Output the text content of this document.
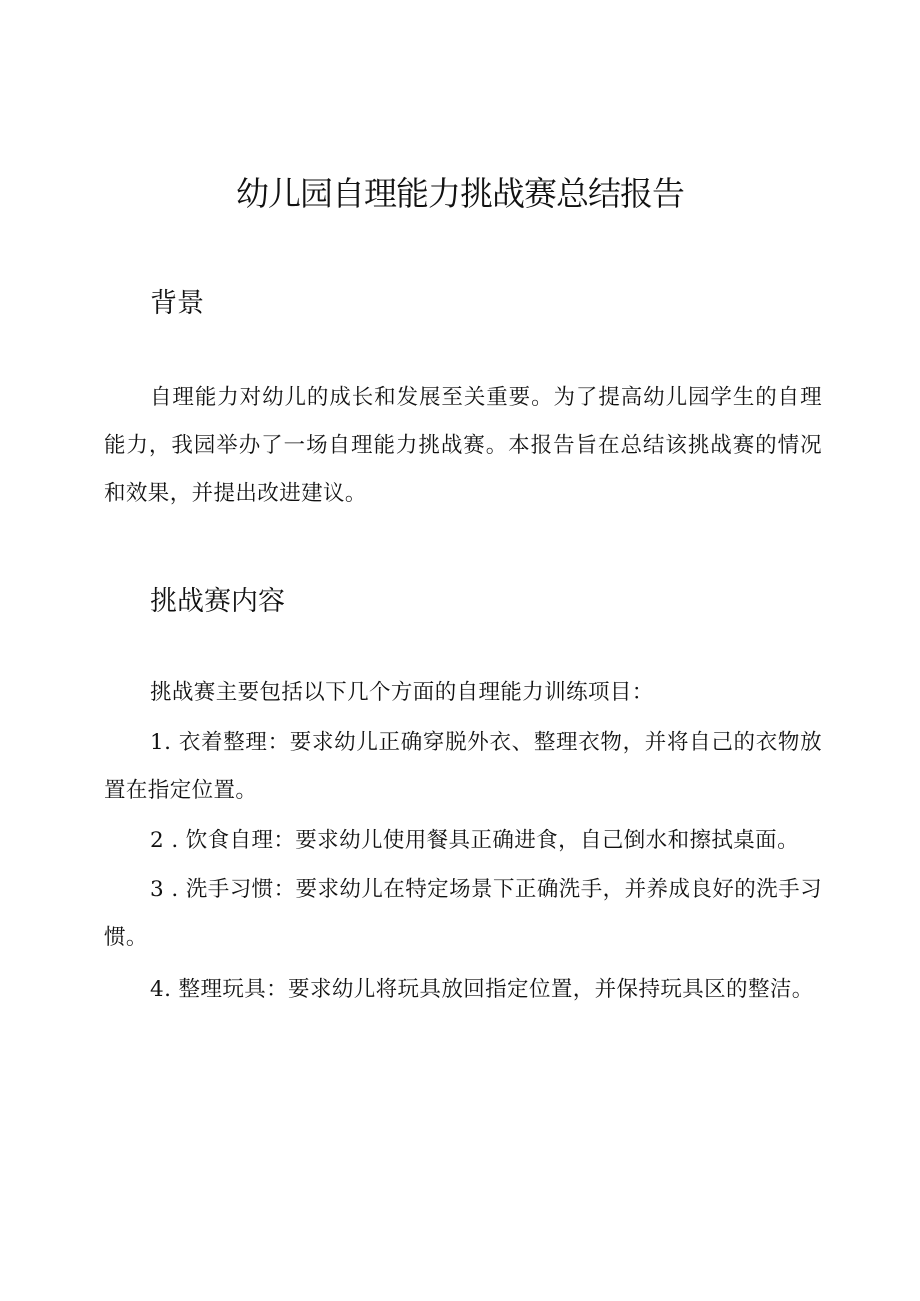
幼儿园自理能力挑战赛总结报告
背景

自理能力对幼儿的成长和发展至关重要。为了提高幼儿园学生的自理能力，我园举办了一场自理能力挑战赛。本报告旨在总结该挑战赛的情况和效果，并提出改进建议。

挑战赛内容

挑战赛主要包括以下几个方面的自理能力训练项目：

1. 衣着整理：要求幼儿正确穿脱外衣、整理衣物，并将自己的衣物放置在指定位置。

2 . 饮食自理：要求幼儿使用餐具正确进食，自己倒水和擦拭桌面。

3 . 洗手习惯：要求幼儿在特定场景下正确洗手，并养成良好的洗手习惯。

4. 整理玩具：要求幼儿将玩具放回指定位置，并保持玩具区的整洁。
